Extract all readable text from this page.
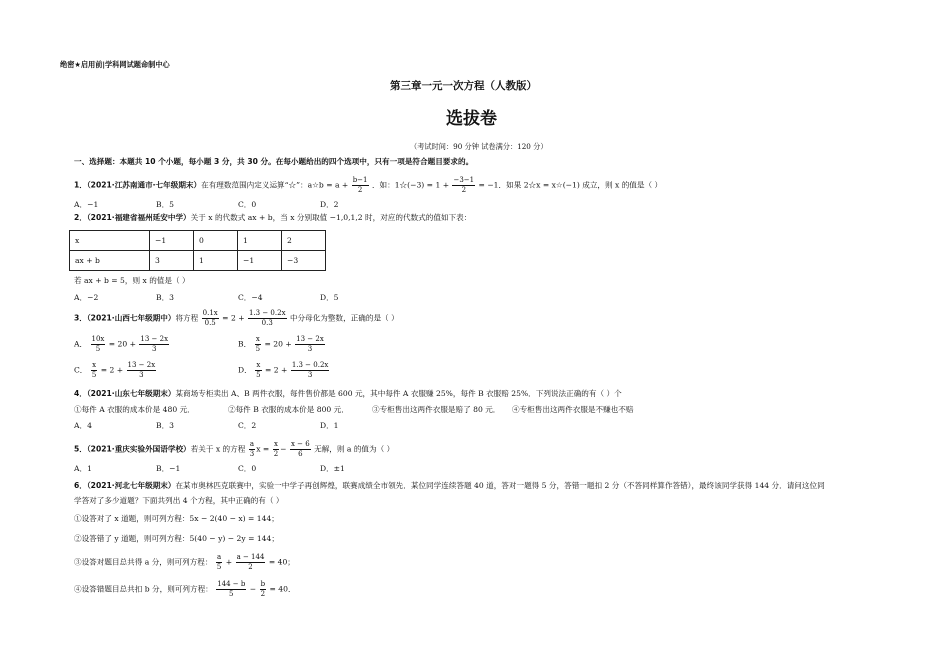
绝密★启用前|学科网试题命制中心
第三章一元一次方程（人教版）
选拔卷
（考试时间：90 分钟 试卷满分：120 分）
一、选择题：本题共 10 个小题，每小题 3 分，共 30 分。在每小题给出的四个选项中，只有一项是符合题目要求的。
1．（2021·江苏南通市·七年级期末）在有理数范围内定义运算“☆”：a☆b = $a + \frac{b-1}{2}$ ．如：1☆(−3) = $1 + \frac{-3-1}{2} = -1$．如果 2☆x = x☆(−1) 成立，则 x 的值是（ ）
A．−1	B．5	C．0	D．2
2．（2021·福建省福州延安中学）关于 x 的代数式 ax + b，当 x 分别取值 −1,0,1,2 时，对应的代数式的值如下表：
x	−1	0	1	2
ax + b	3	1	−1	−3
若 ax + b = 5，则 x 的值是（ ）
A．−2	B．3	C．−4	D．5
3．（2021·山西七年级期中）将方程 $\frac{0.1x}{0.5} = 2 + \frac{1.3 - 0.2x}{0.3}$ 中分母化为整数，正确的是（ ）
A． $\frac{10x}{5} = 20 + \frac{13 - 2x}{3}$	B． $\frac{x}{5} = 20 + \frac{13 - 2x}{3}$
C． $\frac{x}{5} = 2 + \frac{13 - 2x}{3}$	D． $\frac{x}{5} = 2 + \frac{1.3 - 0.2x}{3}$
4．（2021·山东七年级期末）某商场专柜卖出 A、B 两件衣服，每件售价都是 600 元，其中每件 A 衣服赚 25%，每件 B 衣服赔 25%．下列说法正确的有（ ）个
①每件 A 衣服的成本价是 480 元．	②每件 B 衣服的成本价是 800 元．	③专柜售出这两件衣服是赔了 80 元． ④专柜售出这两件衣服是不赚也不赔
A．4	B．3	C．2	D．1
5．（2021·重庆实验外国语学校）若关于 x 的方程 $\frac{a}{3}$ $x = \frac{x}{2} - \frac{x - 6}{6}$ 无解，则 a 的值为（ ）
A．1	B．−1	C．0	D．±1
6．（2021·河北七年级期末）在某市奥林匹克联赛中，实验一中学子再创辉煌，联赛成绩全市领先．某位同学连续答题 40 道，答对一题得 5 分，答错一题扣 2 分（不答同样算作答错），最终该同学获得 144 分．请问这位同
学答对了多少道题？下面共列出 4 个方程，其中正确的有（ ）
①设答对了 x 道题，则可列方程：5x − 2(40 − x) = 144；
②设答错了 y 道题，则可列方程：5(40 − y) − 2y = 144；
③设答对题目总共得 a 分，则可列方程： $\frac{a}{5} + \frac{a - 144}{2} = 40$；
④设答错题目总共扣 b 分，则可列方程： $\frac{144 - b}{5} - \frac{b}{2} = 40$．
